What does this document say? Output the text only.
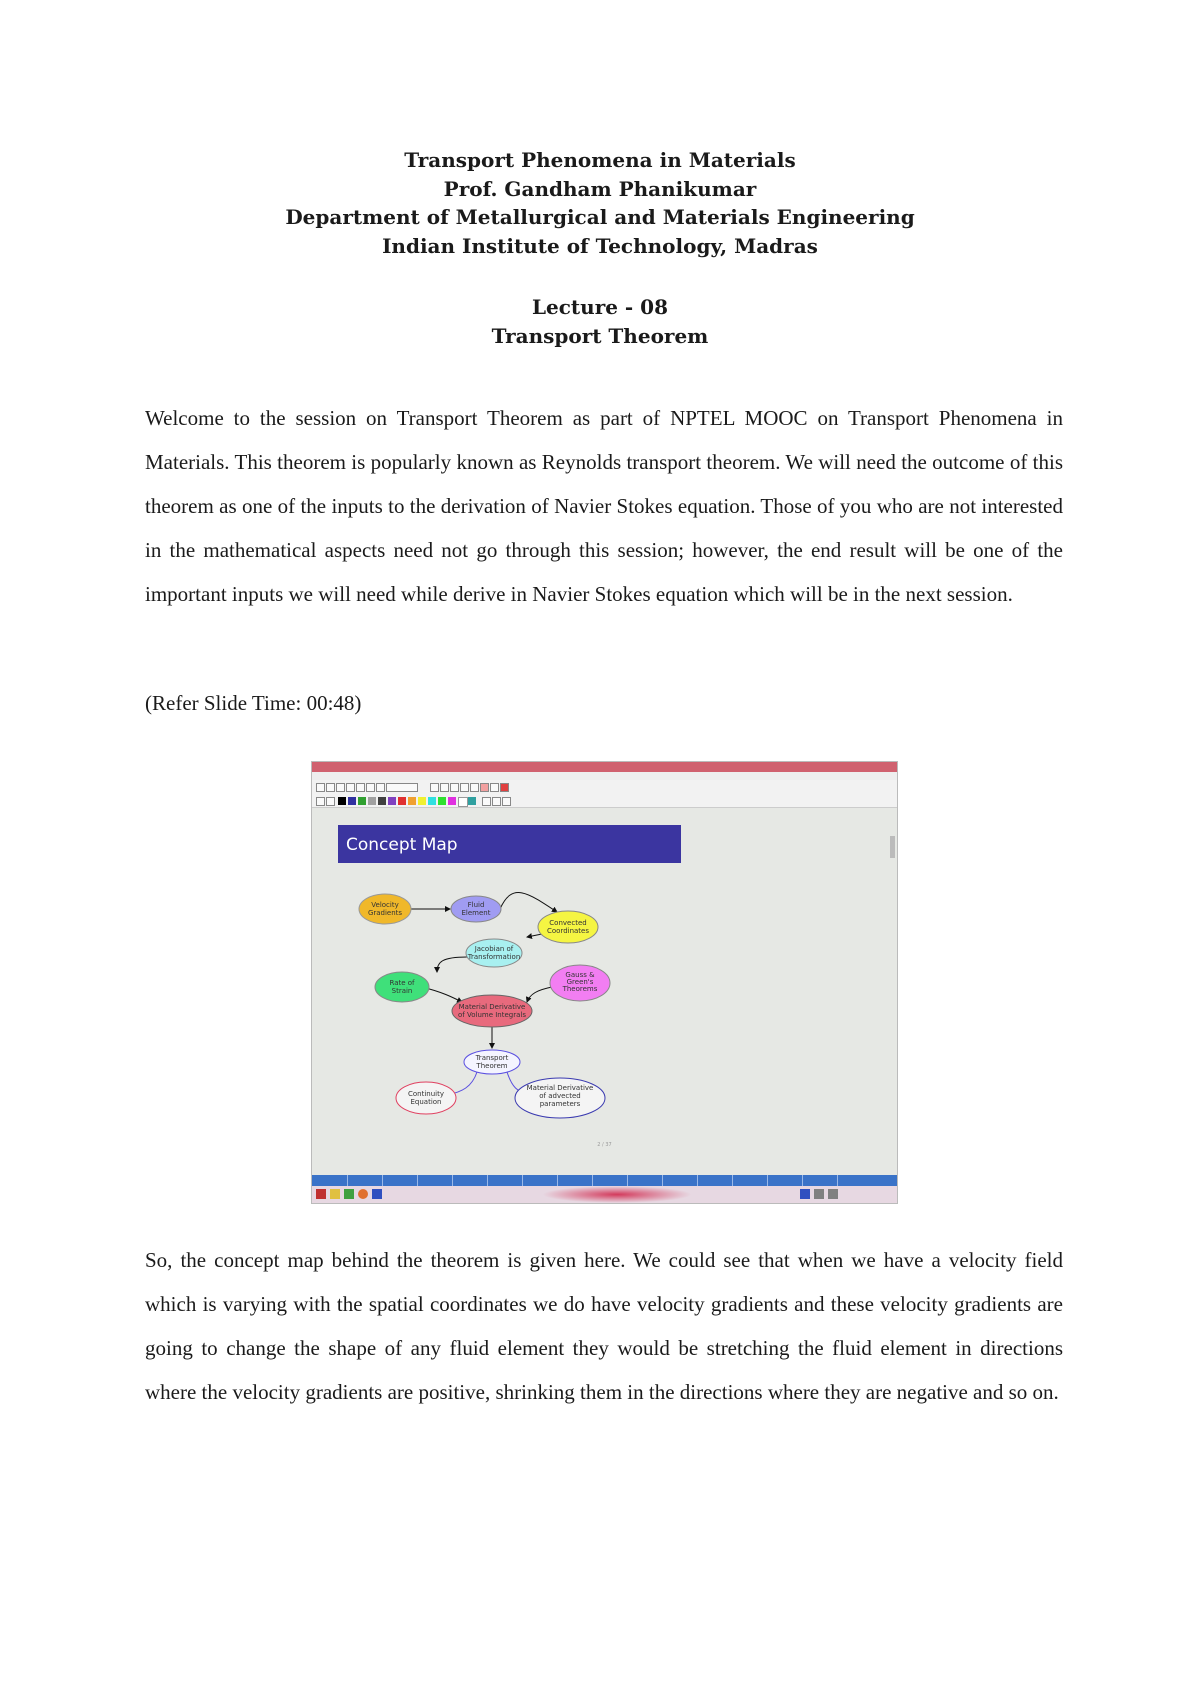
Transport Phenomena in Materials
Prof. Gandham Phanikumar
Department of Metallurgical and Materials Engineering
Indian Institute of Technology, Madras
Lecture - 08
Transport Theorem
Welcome to the session on Transport Theorem as part of NPTEL MOOC on Transport Phenomena in Materials. This theorem is popularly known as Reynolds transport theorem. We will need the outcome of this theorem as one of the inputs to the derivation of Navier Stokes equation. Those of you who are not interested in the mathematical aspects need not go through this session; however, the end result will be one of the important inputs we will need while derive in Navier Stokes equation which will be in the next session.
(Refer Slide Time: 00:48)
Concept Map
Velocity
Gradients
Fluid
Element
Convected
Coordinates
Jacobian of
Transformation
Rate of
Strain
Gauss &
Green's
Theorems
Material Derivative
of Volume Integrals
Transport
Theorem
Continuity
Equation
Material Derivative
of advected
parameters
2 / 37
So, the concept map behind the theorem is given here. We could see that when we have a velocity field which is varying with the spatial coordinates we do have velocity gradients and these velocity gradients are going to change the shape of any fluid element they would be stretching the fluid element in directions where the velocity gradients are positive, shrinking them in the directions where they are negative and so on.
